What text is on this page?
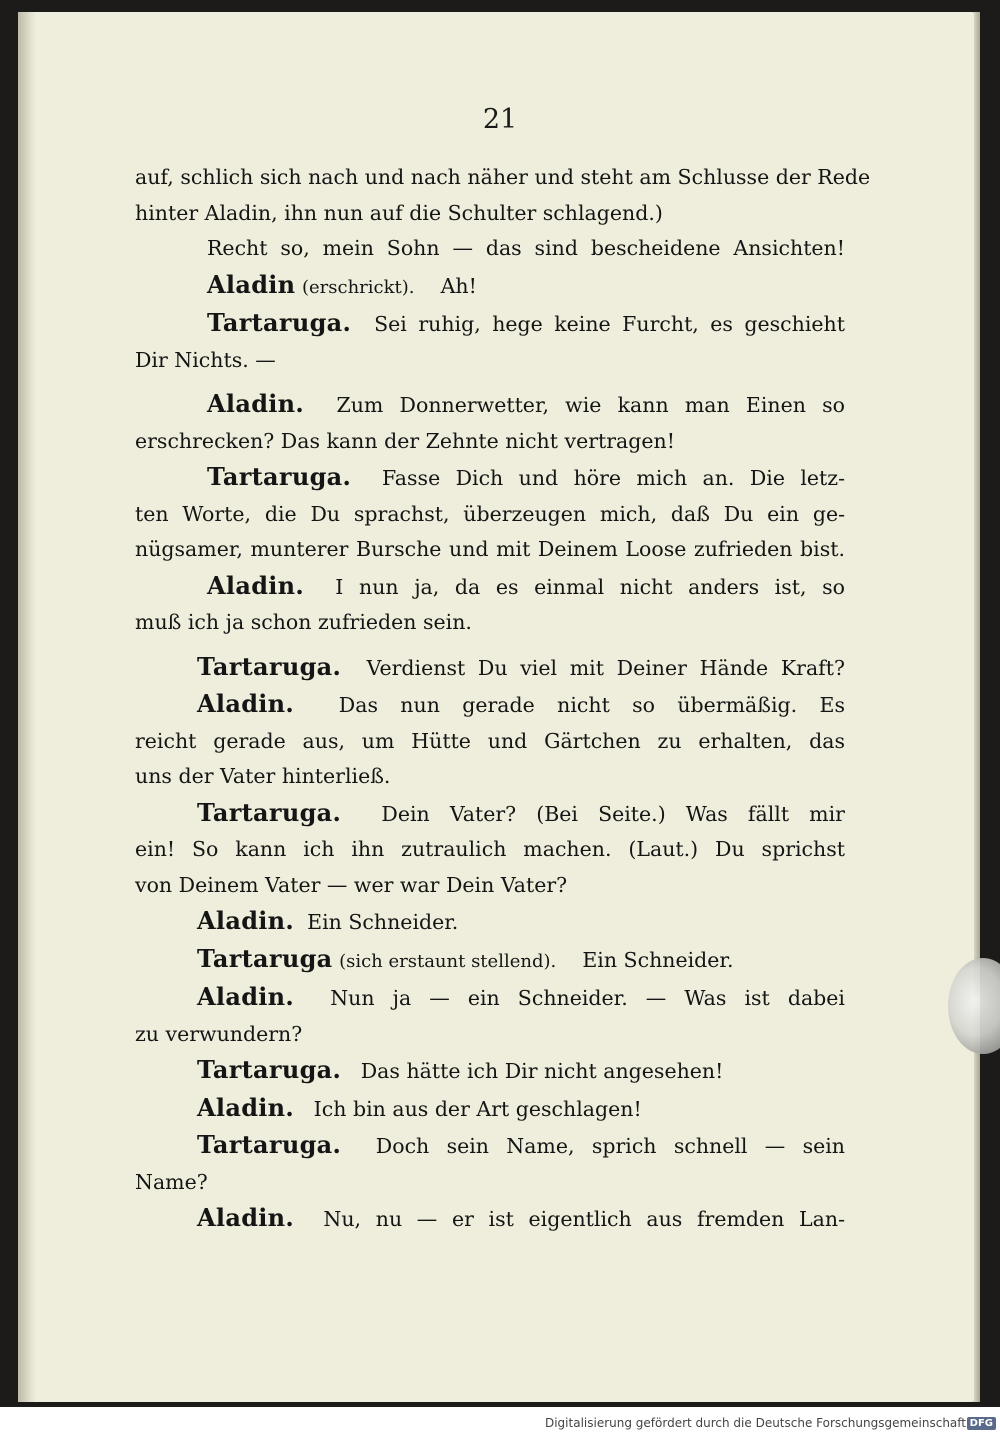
21
auf, schlich sich nach und nach näher und steht am Schlusse der Rede
hinter Aladin, ihn nun auf die Schulter schlagend.)
Recht so, mein Sohn — das sind bescheidene Ansichten!
Aladin (erschrickt). Ah!
Tartaruga. Sei ruhig, hege keine Furcht, es geschieht
Dir Nichts. —
Aladin. Zum Donnerwetter, wie kann man Einen so
erschrecken? Das kann der Zehnte nicht vertragen!
Tartaruga. Fasse Dich und höre mich an. Die letz-
ten Worte, die Du sprachst, überzeugen mich, daß Du ein ge-
nügsamer, munterer Bursche und mit Deinem Loose zufrieden bist.
Aladin. I nun ja, da es einmal nicht anders ist, so
muß ich ja schon zufrieden sein.
Tartaruga. Verdienst Du viel mit Deiner Hände Kraft?
Aladin. Das nun gerade nicht so übermäßig. Es
reicht gerade aus, um Hütte und Gärtchen zu erhalten, das
uns der Vater hinterließ.
Tartaruga. Dein Vater? (Bei Seite.) Was fällt mir
ein! So kann ich ihn zutraulich machen. (Laut.) Du sprichst
von Deinem Vater — wer war Dein Vater?
Aladin. Ein Schneider.
Tartaruga (sich erstaunt stellend). Ein Schneider.
Aladin. Nun ja — ein Schneider. — Was ist dabei
zu verwundern?
Tartaruga. Das hätte ich Dir nicht angesehen!
Aladin. Ich bin aus der Art geschlagen!
Tartaruga. Doch sein Name, sprich schnell — sein
Name?
Aladin. Nu, nu — er ist eigentlich aus fremden Lan-
Digitalisierung gefördert durch die Deutsche Forschungsgemeinschaft DFG
